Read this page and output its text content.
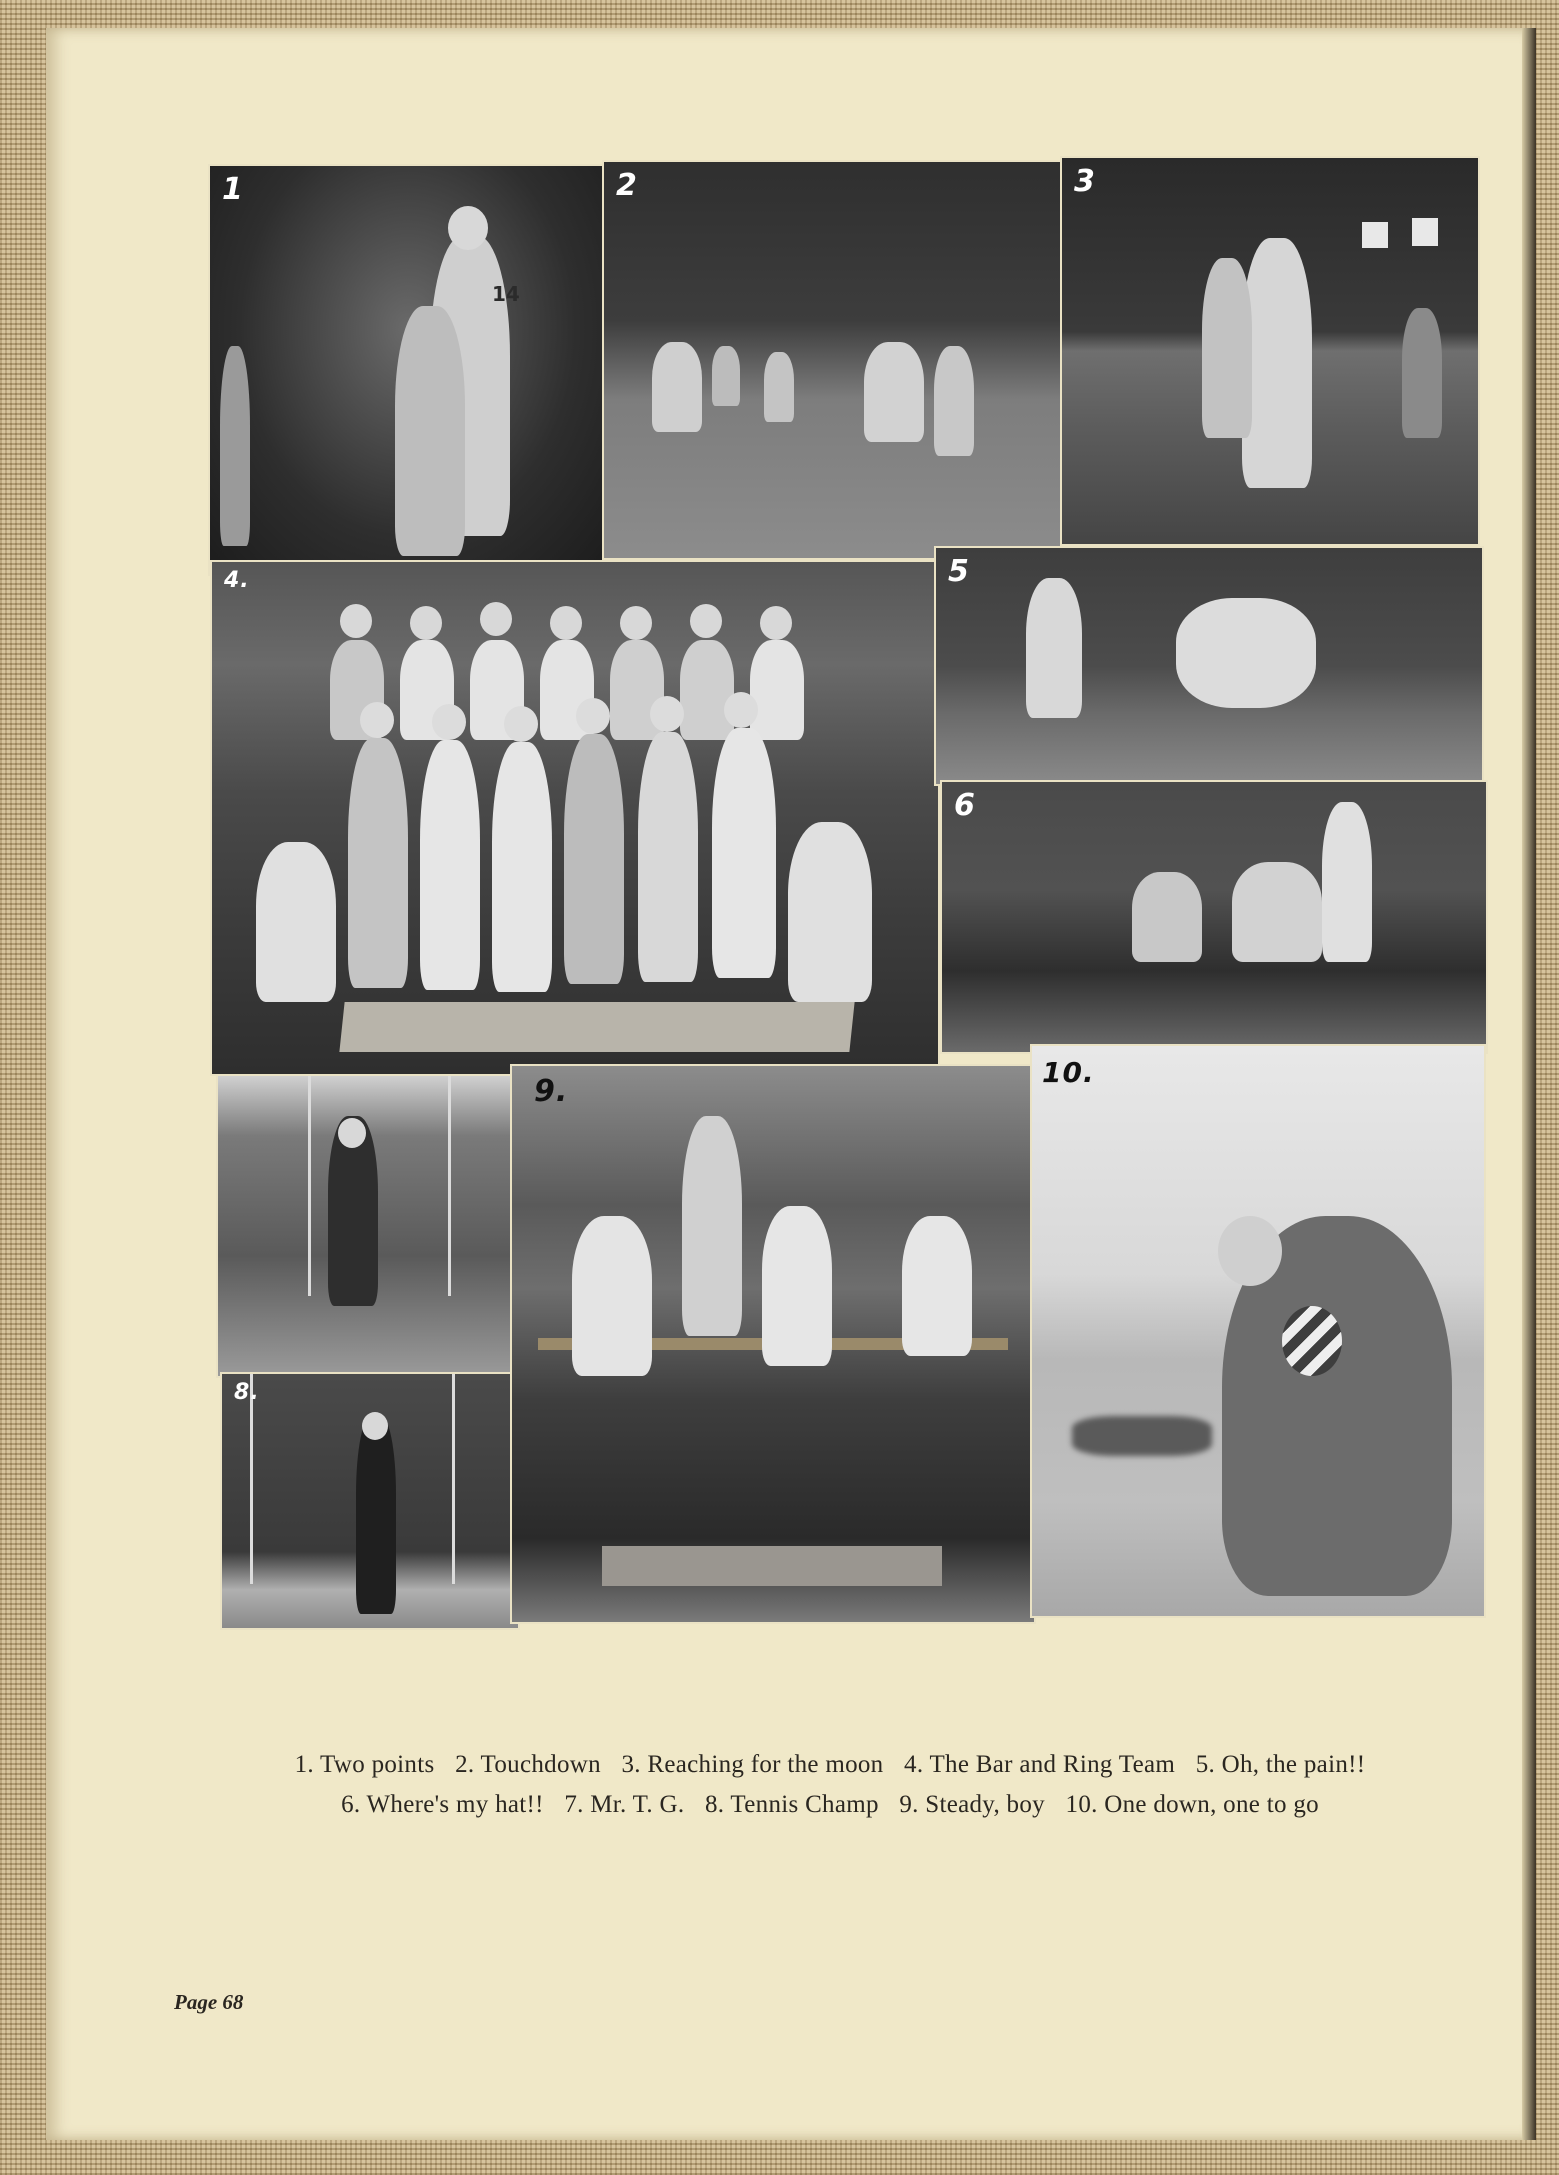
14
1	2	3
4.	5
6
8.
9.
10.
1. Two points 2. Touchdown 3. Reaching for the moon 4. The Bar and Ring Team 5. Oh, the pain!!
6. Where's my hat!! 7. Mr. T. G. 8. Tennis Champ 9. Steady, boy 10. One down, one to go
Page 68
